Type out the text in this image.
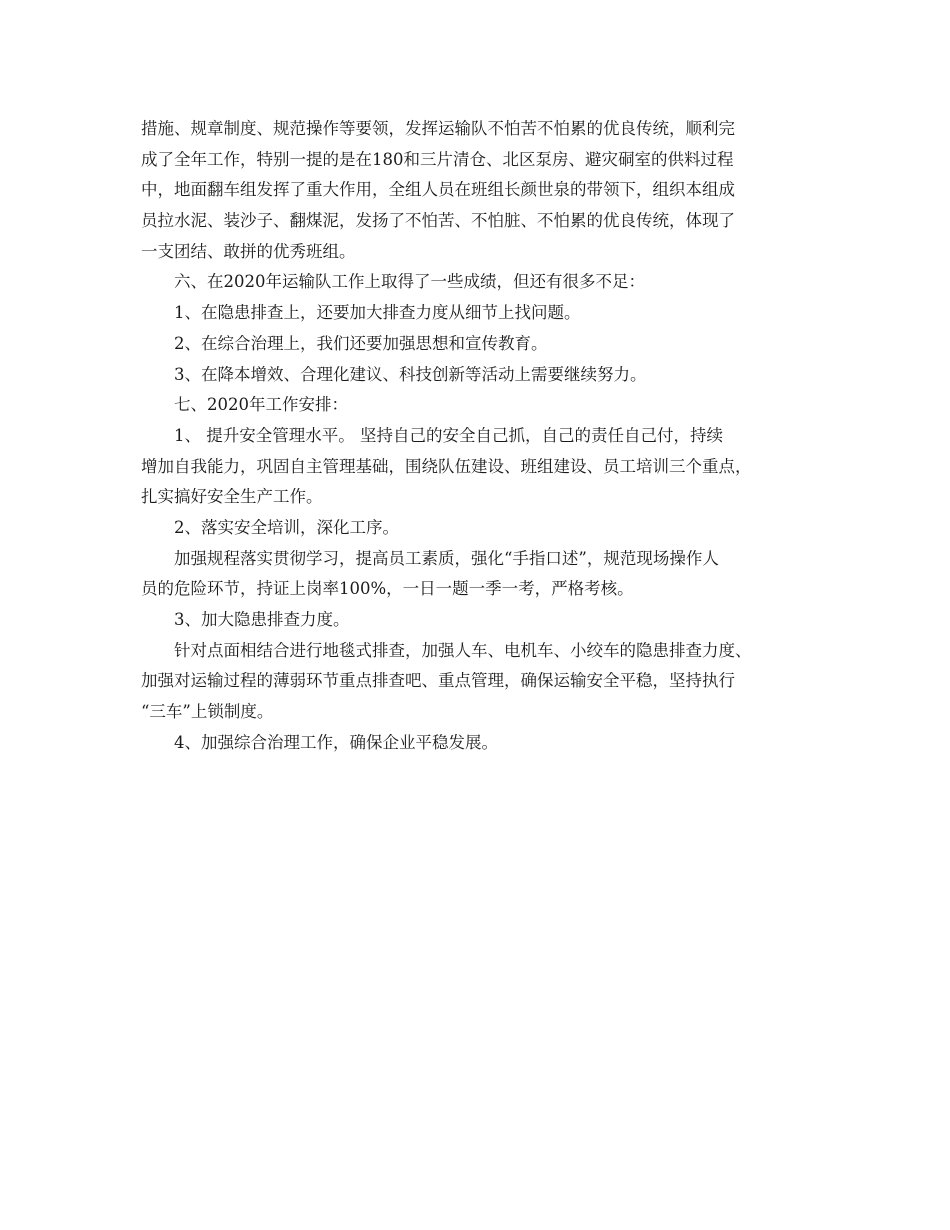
措施、规章制度、规范操作等要领，发挥运输队不怕苦不怕累的优良传统，顺利完
成了全年工作，特别一提的是在180和三片清仓、北区泵房、避灾硐室的供料过程
中，地面翻车组发挥了重大作用，全组人员在班组长颜世泉的带领下，组织本组成
员拉水泥、装沙子、翻煤泥，发扬了不怕苦、不怕脏、不怕累的优良传统，体现了
一支团结、敢拼的优秀班组。
六、在2020年运输队工作上取得了一些成绩，但还有很多不足：
1、在隐患排查上，还要加大排查力度从细节上找问题。
2、在综合治理上，我们还要加强思想和宣传教育。
3、在降本增效、合理化建议、科技创新等活动上需要继续努力。
七、2020年工作安排：
1、 提升安全管理水平。 坚持自己的安全自己抓，自己的责任自己付，持续
增加自我能力，巩固自主管理基础，围绕队伍建设、班组建设、员工培训三个重点，
扎实搞好安全生产工作。
2、落实安全培训，深化工序。
加强规程落实贯彻学习，提高员工素质，强化“手指口述”，规范现场操作人
员的危险环节，持证上岗率100%，一日一题一季一考，严格考核。
3、加大隐患排查力度。
针对点面相结合进行地毯式排查，加强人车、电机车、小绞车的隐患排查力度、
加强对运输过程的薄弱环节重点排查吧、重点管理，确保运输安全平稳，坚持执行
“三车”上锁制度。
4、加强综合治理工作，确保企业平稳发展。
